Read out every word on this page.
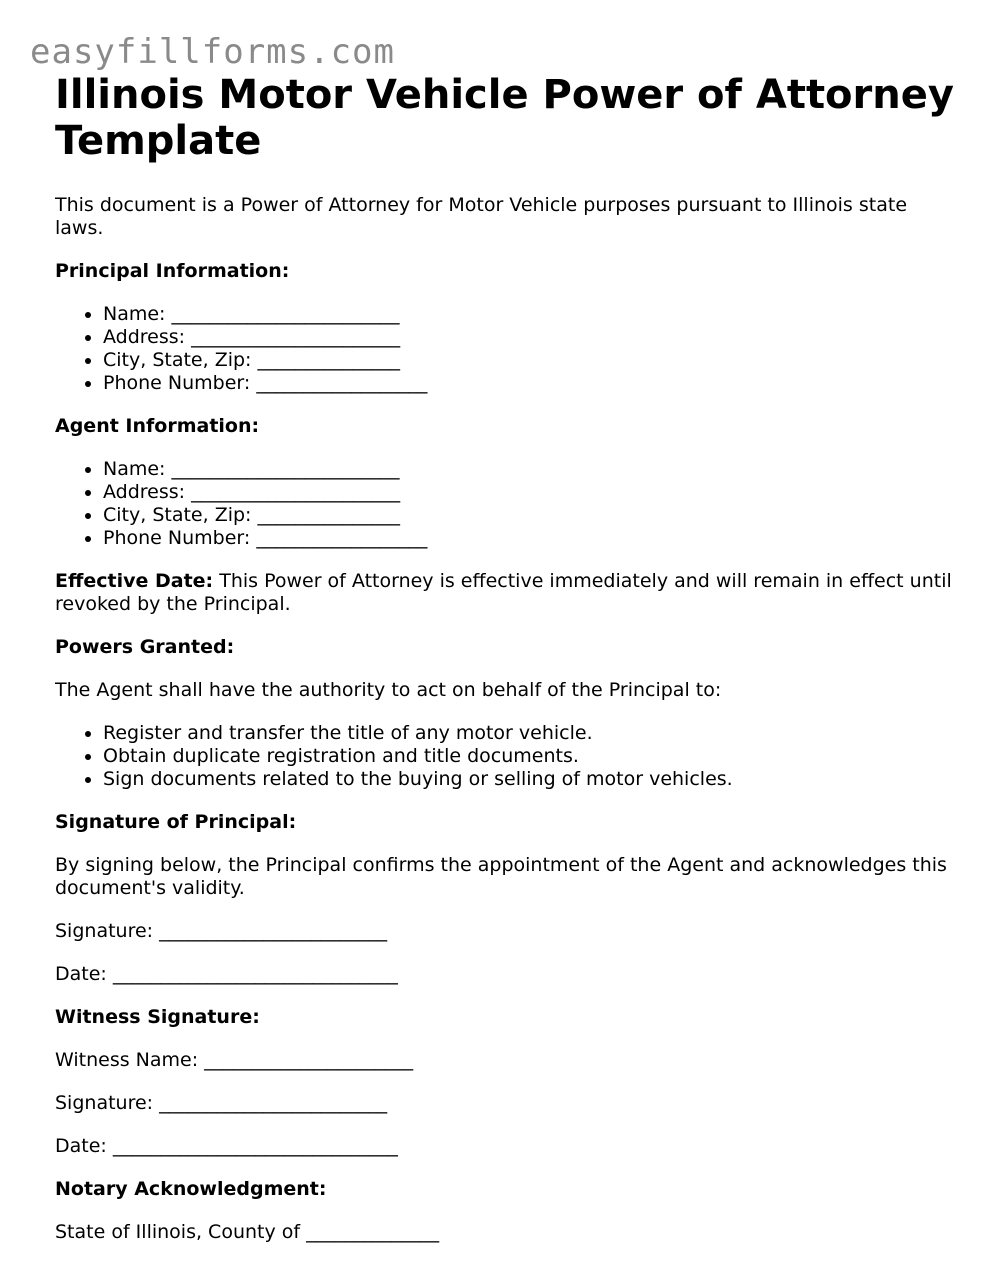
easyfillforms.com
Illinois Motor Vehicle Power of Attorney Template

This document is a Power of Attorney for Motor Vehicle purposes pursuant to Illinois state laws.

Principal Information:

• Name: ________________________
• Address: ______________________
• City, State, Zip: _______________
• Phone Number: __________________

Agent Information:

• Name: ________________________
• Address: ______________________
• City, State, Zip: _______________
• Phone Number: __________________

Effective Date: This Power of Attorney is effective immediately and will remain in effect until revoked by the Principal.

Powers Granted:

The Agent shall have the authority to act on behalf of the Principal to:

• Register and transfer the title of any motor vehicle.
• Obtain duplicate registration and title documents.
• Sign documents related to the buying or selling of motor vehicles.

Signature of Principal:

By signing below, the Principal confirms the appointment of the Agent and acknowledges this document's validity.

Signature: ________________________

Date: ______________________________

Witness Signature:

Witness Name: ______________________

Signature: ________________________

Date: ______________________________

Notary Acknowledgment:

State of Illinois, County of ______________
